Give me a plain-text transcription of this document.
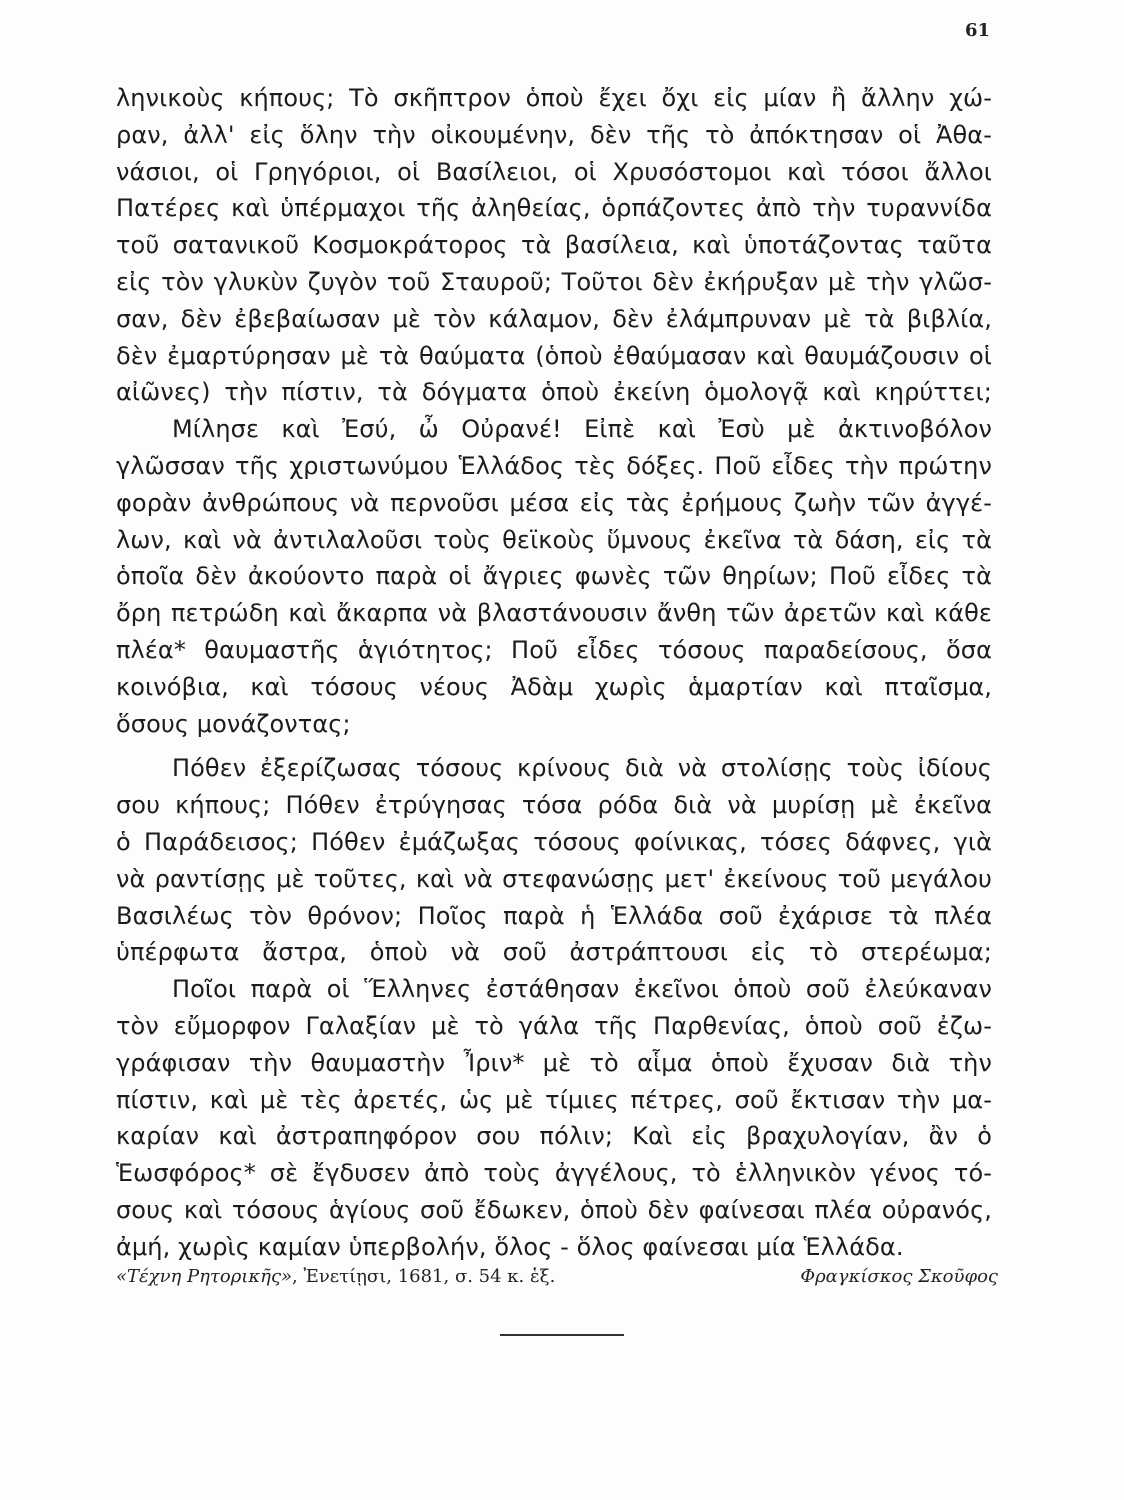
61

ληνικοὺς κήπους; Τὸ σκῆπτρον ὁποὺ ἔχει ὄχι εἰς μίαν ἢ ἄλλην χώ-
ραν, ἀλλ' εἰς ὅλην τὴν οἰκουμένην, δὲν τῆς τὸ ἀπόκτησαν οἱ Ἀθα-
νάσιοι, οἱ Γρηγόριοι, οἱ Βασίλειοι, οἱ Χρυσόστομοι καὶ τόσοι ἄλλοι
Πατέρες καὶ ὑπέρμαχοι τῆς ἀληθείας, ὁρπάζοντες ἀπὸ τὴν τυραννίδα
τοῦ σατανικοῦ Κοσμοκράτορος τὰ βασίλεια, καὶ ὑποτάζοντας ταῦτα
εἰς τὸν γλυκὺν ζυγὸν τοῦ Σταυροῦ; Τοῦτοι δὲν ἐκήρυξαν μὲ τὴν γλῶσ-
σαν, δὲν ἐβεβαίωσαν μὲ τὸν κάλαμον, δὲν ἐλάμπρυναν μὲ τὰ βιβλία,
δὲν ἐμαρτύρησαν μὲ τὰ θαύματα (ὁποὺ ἐθαύμασαν καὶ θαυμάζουσιν οἱ
αἰῶνες) τὴν πίστιν, τὰ δόγματα ὁποὺ ἐκείνη ὁμολογᾷ καὶ κηρύττει;

Μίλησε καὶ Ἐσύ, ὦ Οὐρανέ! Εἰπὲ καὶ Ἐσὺ μὲ ἀκτινοβόλον
γλῶσσαν τῆς χριστωνύμου Ἑλλάδος τὲς δόξες. Ποῦ εἶδες τὴν πρώτην
φορὰν ἀνθρώπους νὰ περνοῦσι μέσα εἰς τὰς ἐρήμους ζωὴν τῶν ἀγγέ-
λων, καὶ νὰ ἀντιλαλοῦσι τοὺς θεϊκοὺς ὕμνους ἐκεῖνα τὰ δάση, εἰς τὰ
ὁποῖα δὲν ἀκούοντο παρὰ οἱ ἄγριες φωνὲς τῶν θηρίων; Ποῦ εἶδες τὰ
ὄρη πετρώδη καὶ ἄκαρπα νὰ βλαστάνουσιν ἄνθη τῶν ἀρετῶν καὶ κάθε
πλέα* θαυμαστῆς ἁγιότητος; Ποῦ εἶδες τόσους παραδείσους, ὅσα
κοινόβια, καὶ τόσους νέους Ἀδὰμ χωρὶς ἁμαρτίαν καὶ πταῖσμα,
ὅσους μονάζοντας;

Πόθεν ἐξερίζωσας τόσους κρίνους διὰ νὰ στολίσῃς τοὺς ἰδίους
σου κήπους; Πόθεν ἐτρύγησας τόσα ρόδα διὰ νὰ μυρίσῃ μὲ ἐκεῖνα
ὁ Παράδεισος; Πόθεν ἐμάζωξας τόσους φοίνικας, τόσες δάφνες, γιὰ
νὰ ραντίσῃς μὲ τοῦτες, καὶ νὰ στεφανώσῃς μετ' ἐκείνους τοῦ μεγάλου
Βασιλέως τὸν θρόνον; Ποῖος παρὰ ἡ Ἑλλάδα σοῦ ἐχάρισε τὰ πλέα
ὑπέρφωτα ἄστρα, ὁποὺ νὰ σοῦ ἀστράπτουσι εἰς τὸ στερέωμα;

Ποῖοι παρὰ οἱ Ἕλληνες ἐστάθησαν ἐκεῖνοι ὁποὺ σοῦ ἐλεύκαναν
τὸν εὔμορφον Γαλαξίαν μὲ τὸ γάλα τῆς Παρθενίας, ὁποὺ σοῦ ἐζω-
γράφισαν τὴν θαυμαστὴν Ἶριν* μὲ τὸ αἷμα ὁποὺ ἔχυσαν διὰ τὴν
πίστιν, καὶ μὲ τὲς ἀρετές, ὡς μὲ τίμιες πέτρες, σοῦ ἔκτισαν τὴν μα-
καρίαν καὶ ἀστραπηφόρον σου πόλιν; Καὶ εἰς βραχυλογίαν, ἂν ὁ
Ἑωσφόρος* σὲ ἔγδυσεν ἀπὸ τοὺς ἀγγέλους, τὸ ἑλληνικὸν γένος τό-
σους καὶ τόσους ἁγίους σοῦ ἔδωκεν, ὁποὺ δὲν φαίνεσαι πλέα οὐρανός,
ἀμή, χωρὶς καμίαν ὑπερβολήν, ὅλος - ὅλος φαίνεσαι μία Ἑλλάδα.

«Τέχνη Ρητορικῆς», Ἐνετίῃσι, 1681, σ. 54 κ. ἑξ.	Φραγκίσκος Σκοῦφος
